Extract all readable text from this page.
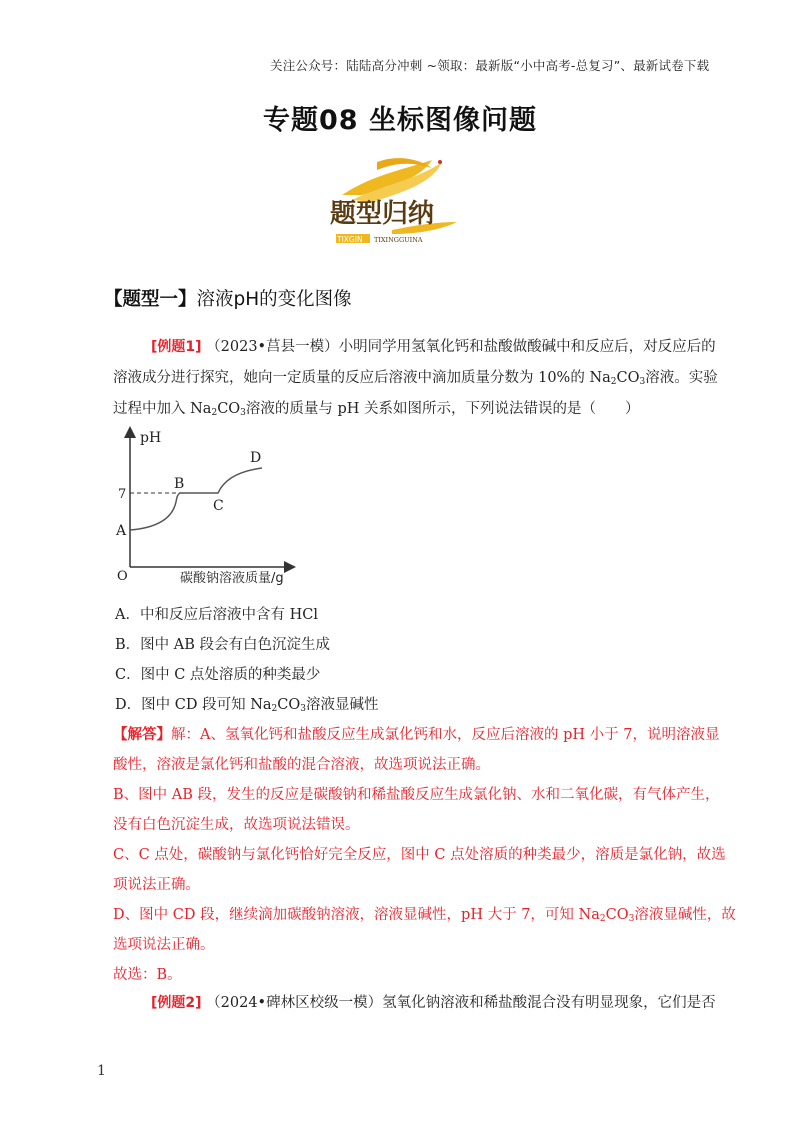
关注公众号：陆陆高分冲刺 ~领取：最新版“小中高考-总复习”、最新试卷下载
专题08 坐标图像问题
题型归纳
TIXGIN TIXINGGUINA
【题型一】溶液pH的变化图像
[例题1] （2023•莒县一模）小明同学用氢氧化钙和盐酸做酸碱中和反应后，对反应后的
溶液成分进行探究，她向一定质量的反应后溶液中滴加质量分数为 10%的 $Na_2CO_3$溶液。实验
过程中加入 $Na_2CO_3$溶液的质量与 pH 关系如图所示，下列说法错误的是（　　）
pH
O
7
A
B
C
D
碳酸钠溶液质量/g
A．中和反应后溶液中含有 HCl
B．图中 AB 段会有白色沉淀生成
C．图中 C 点处溶质的种类最少
D．图中 CD 段可知 $Na_2CO_3$溶液显碱性
【解答】解：A、氢氧化钙和盐酸反应生成氯化钙和水，反应后溶液的 pH 小于 7，说明溶液显
酸性，溶液是氯化钙和盐酸的混合溶液，故选项说法正确。
B、图中 AB 段，发生的反应是碳酸钠和稀盐酸反应生成氯化钠、水和二氧化碳，有气体产生，
没有白色沉淀生成，故选项说法错误。
C、C 点处，碳酸钠与氯化钙恰好完全反应，图中 C 点处溶质的种类最少，溶质是氯化钠，故选
项说法正确。
D、图中 CD 段，继续滴加碳酸钠溶液，溶液显碱性，pH 大于 7，可知 $Na_2CO_3$溶液显碱性，故
选项说法正确。
故选：B。
[例题2] （2024•碑林区校级一模）氢氧化钠溶液和稀盐酸混合没有明显现象，它们是否
1
